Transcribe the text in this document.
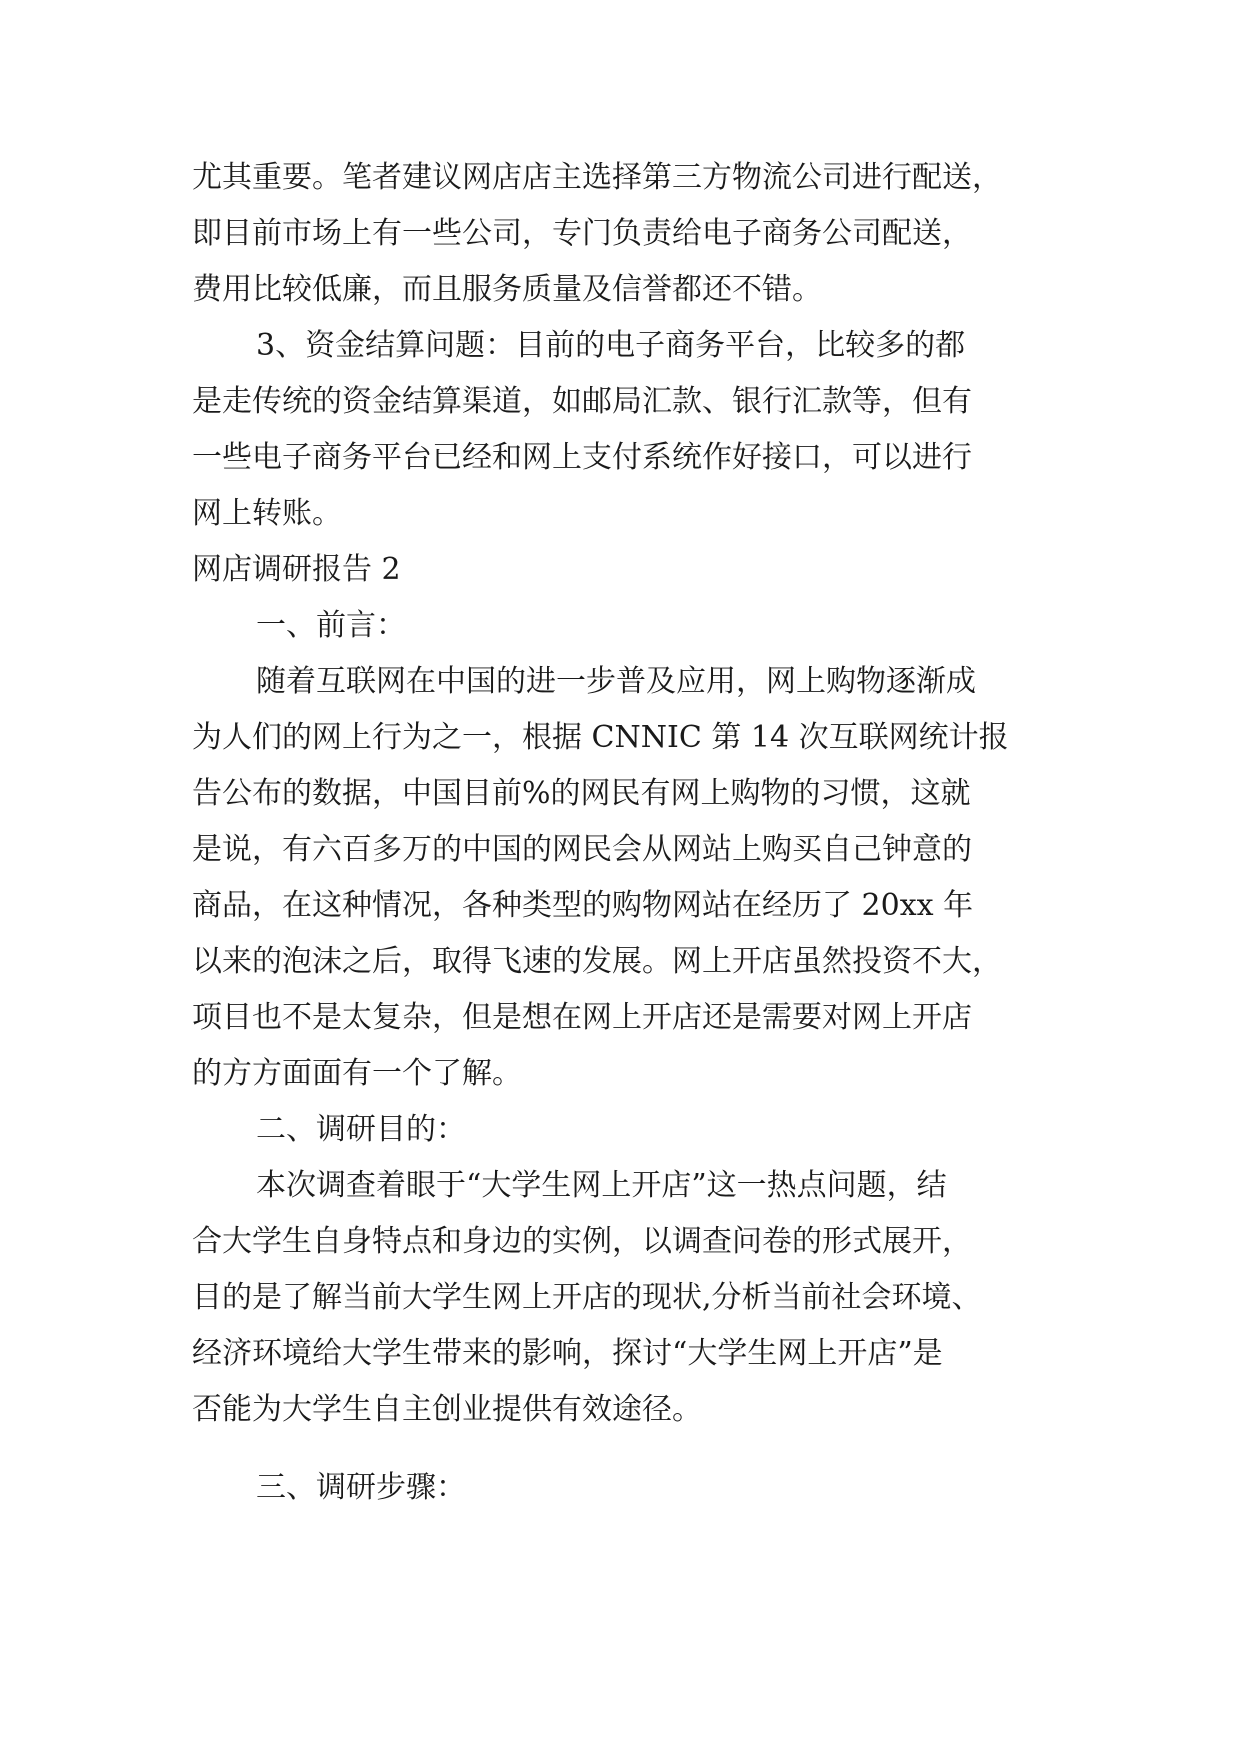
尤其重要。笔者建议网店店主选择第三方物流公司进行配送，
即目前市场上有一些公司，专门负责给电子商务公司配送，
费用比较低廉，而且服务质量及信誉都还不错。
3、资金结算问题：目前的电子商务平台，比较多的都
是走传统的资金结算渠道，如邮局汇款、银行汇款等，但有
一些电子商务平台已经和网上支付系统作好接口，可以进行
网上转账。
网店调研报告 2
一、前言：
随着互联网在中国的进一步普及应用，网上购物逐渐成
为人们的网上行为之一，根据 CNNIC 第 14 次互联网统计报
告公布的数据，中国目前%的网民有网上购物的习惯，这就
是说，有六百多万的中国的网民会从网站上购买自己钟意的
商品，在这种情况，各种类型的购物网站在经历了 20xx 年
以来的泡沫之后，取得飞速的发展。网上开店虽然投资不大，
项目也不是太复杂，但是想在网上开店还是需要对网上开店
的方方面面有一个了解。
二、调研目的：
本次调查着眼于“大学生网上开店”这一热点问题，结
合大学生自身特点和身边的实例，以调查问卷的形式展开，
目的是了解当前大学生网上开店的现状,分析当前社会环境、
经济环境给大学生带来的影响，探讨“大学生网上开店”是
否能为大学生自主创业提供有效途径。
三、调研步骤：
